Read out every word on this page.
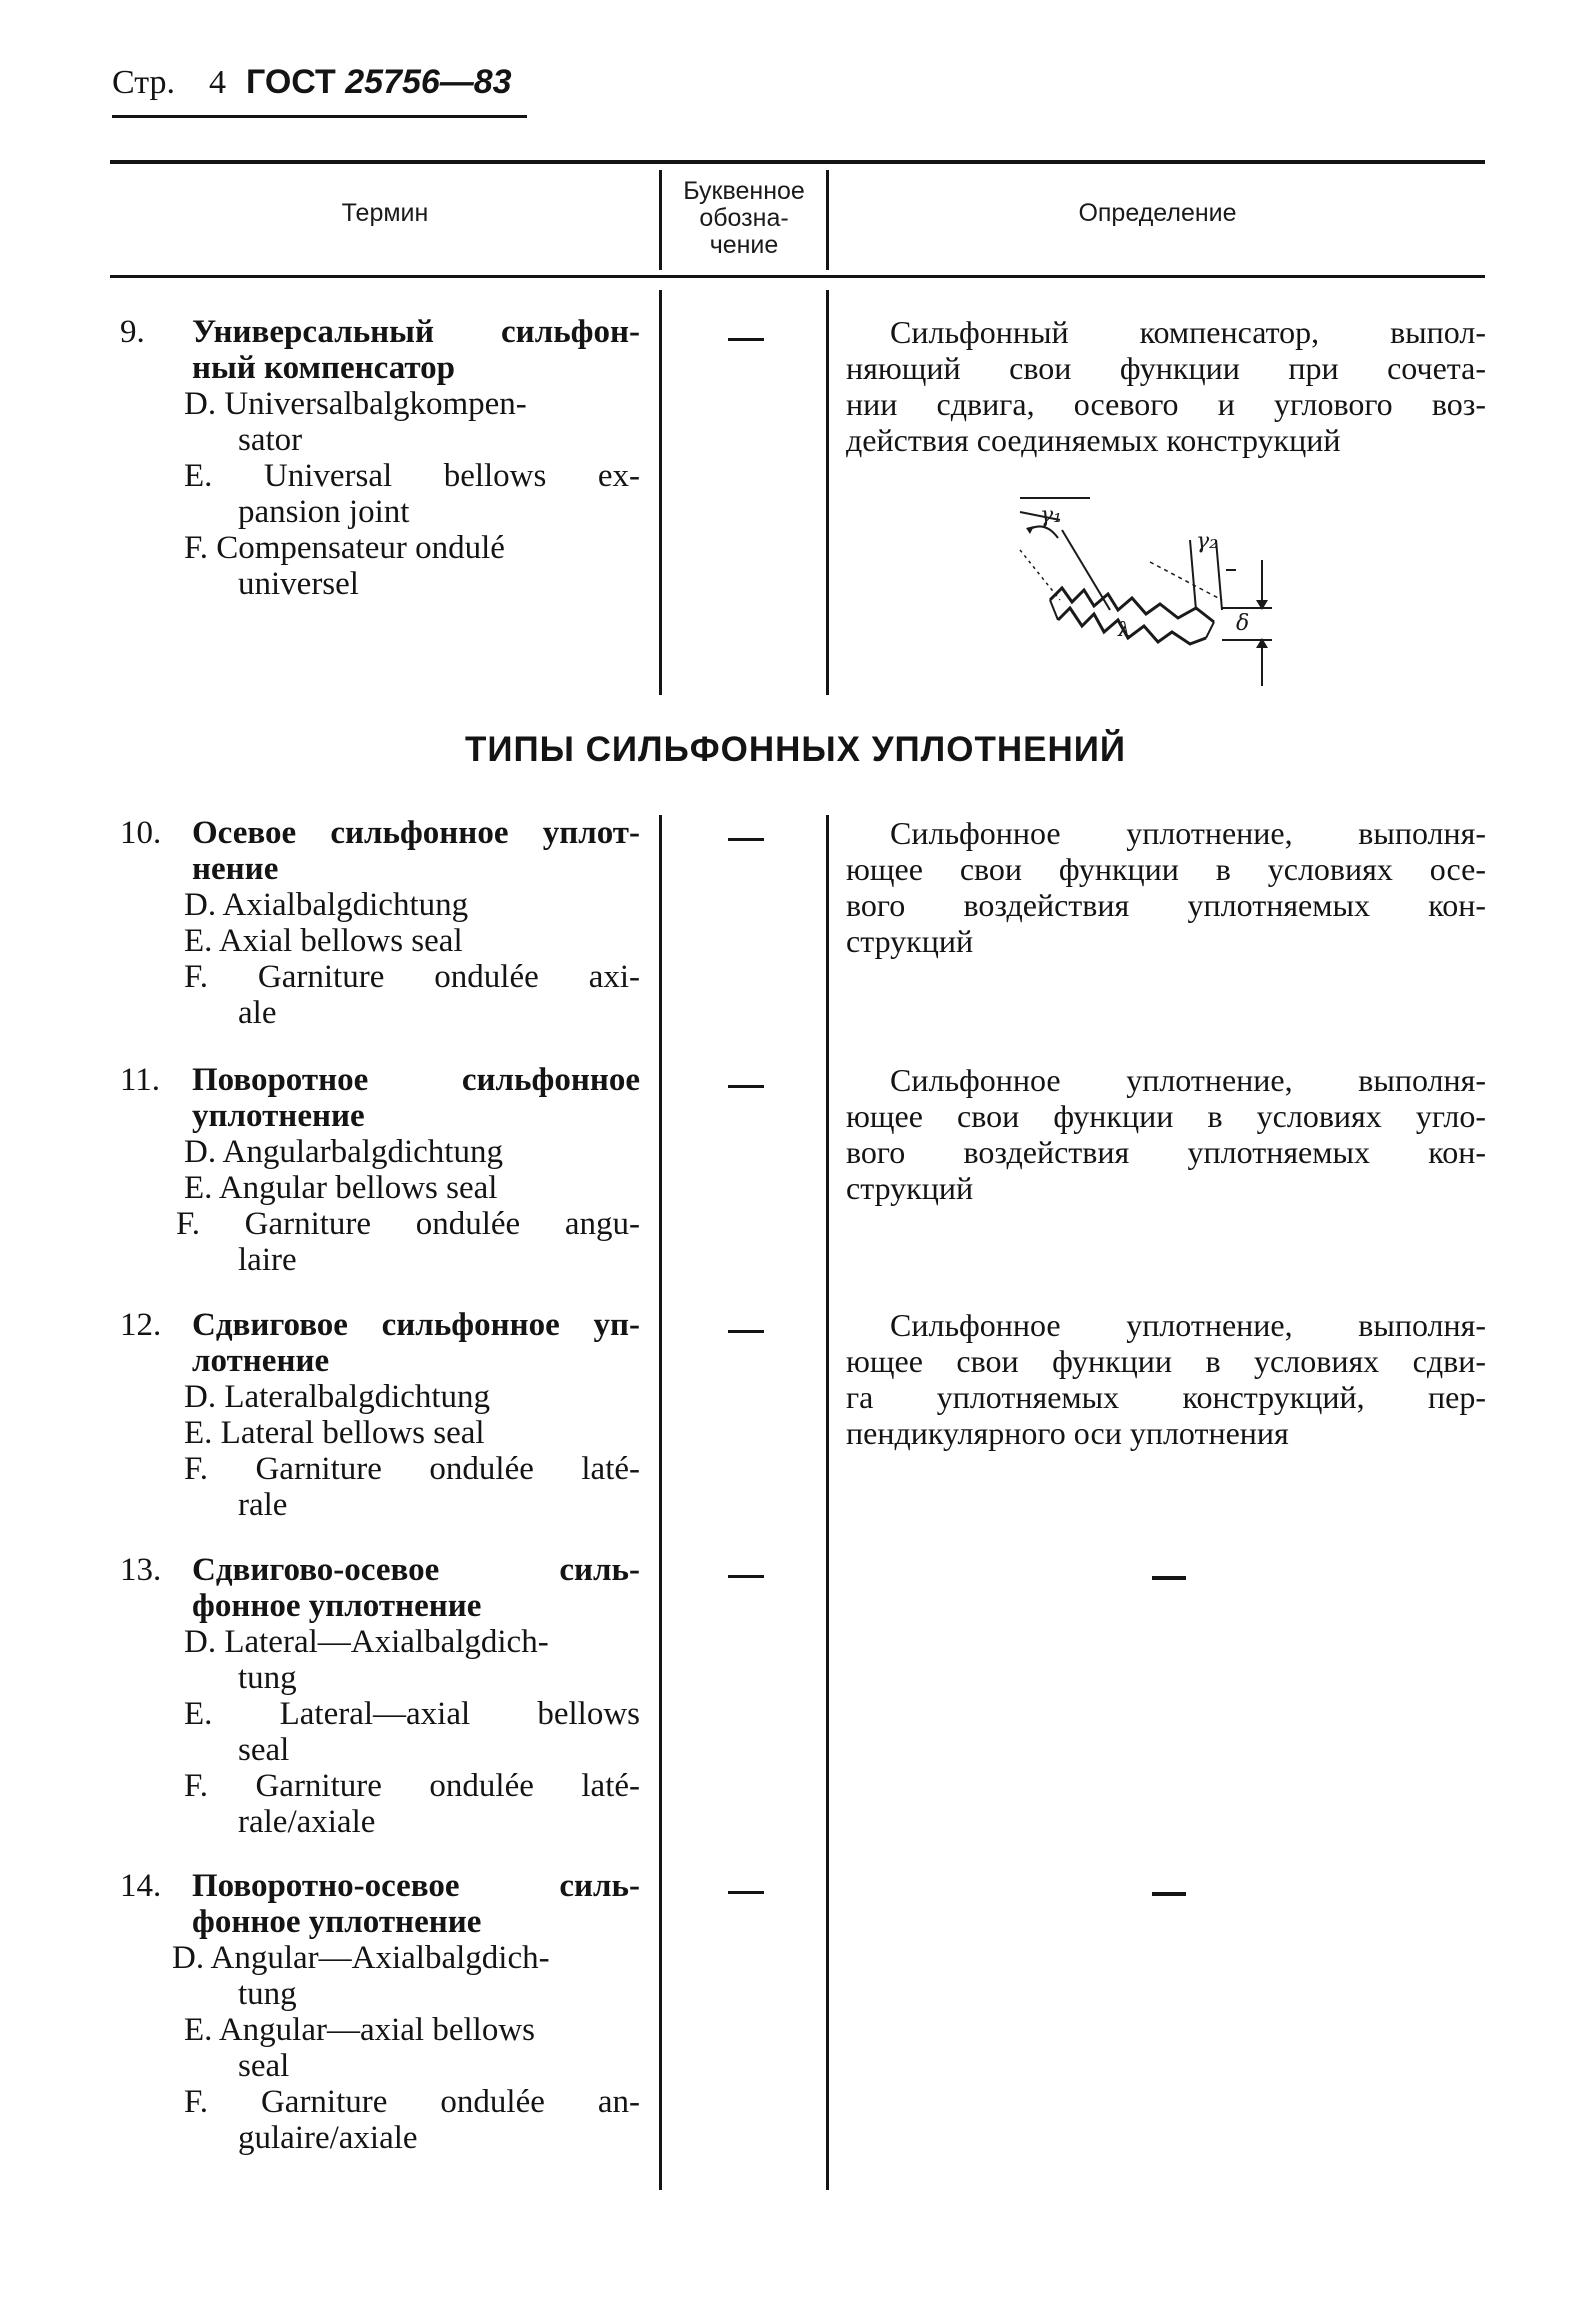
Стр. 4 ГОСТ 25756—83
Термин
Буквенное
обозна-
чение
Определение
9. Универсальный сильфон-
ный компенсатор
D. Universalbalgkompen-
sator
E. Universal bellows ex-
pansion joint
F. Compensateur ondulé
universel
Сильфонный компенсатор, выпол-
няющий свои функции при сочета-
нии сдвига, осевого и углового воз-
действия соединяемых конструкций
γ₁
λ
γ₂
δ
ТИПЫ СИЛЬФОННЫХ УПЛОТНЕНИЙ
10. Осевое сильфонное уплот-
нение
D. Axialbalgdichtung
E. Axial bellows seal
F. Garniture ondulée axi-
ale
Сильфонное уплотнение, выполня-
ющее свои функции в условиях осе-
вого воздействия уплотняемых кон-
струкций
11. Поворотное сильфонное
уплотнение
D. Angularbalgdichtung
E. Angular bellows seal
F. Garniture ondulée angu-
laire
Сильфонное уплотнение, выполня-
ющее свои функции в условиях угло-
вого воздействия уплотняемых кон-
струкций
12. Сдвиговое сильфонное уп-
лотнение
D. Lateralbalgdichtung
E. Lateral bellows seal
F. Garniture ondulée laté-
rale
Сильфонное уплотнение, выполня-
ющее свои функции в условиях сдви-
га уплотняемых конструкций, пер-
пендикулярного оси уплотнения
13. Сдвигово-осевое силь-
фонное уплотнение
D. Lateral—Axialbalgdich-
tung
E. Lateral—axial bellows
seal
F. Garniture ondulée laté-
rale/axiale
14. Поворотно-осевое силь-
фонное уплотнение
D. Angular—Axialbalgdich-
tung
E. Angular—axial bellows
seal
F. Garniture ondulée an-
gulaire/axiale
